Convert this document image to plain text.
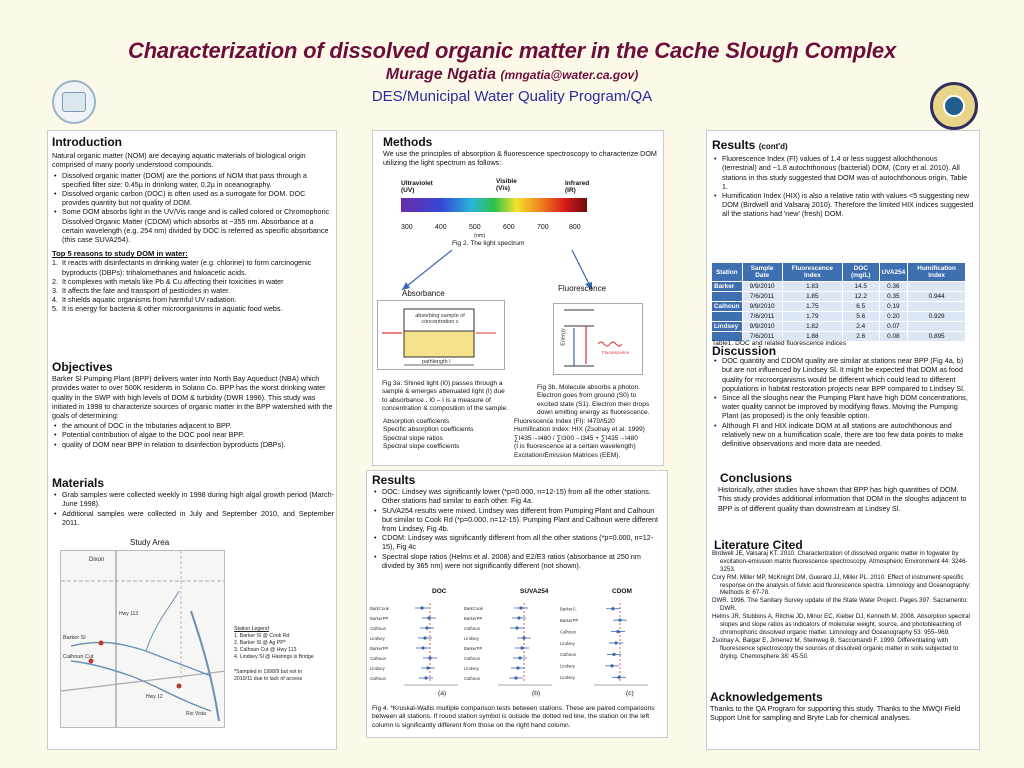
Characterization of dissolved organic matter in the Cache Slough Complex
Murage Ngatia (mngatia@water.ca.gov)
DES/Municipal Water Quality Program/QA
Introduction

Natural organic matter (NOM) are decaying aquatic materials of biological origin comprised of many poorly understood compounds.

• Dissolved organic matter (DOM) are the portions of NOM that pass through a specified filter size: 0.45µ in drinking water, 0.2µ in oceanography.
• Dissolved organic carbon (DOC) is often used as a surrogate for DOM. DOC provides quantity but not quality of DOM.
• Some DOM absorbs light in the UV/Vis range and is called colored or Chromophoric Dissolved Organic Matter (CDOM) which absorbs at ~355 nm. Absorbance at a certain wavelength (e.g. 254 nm) divided by DOC is referred as specific absorbance (this case SUVA254).
Top 5 reasons to study DOM in water:
1. It reacts with disinfectants in drinking water (e.g. chlorine) to form carcinogenic byproducts (DBPs): trihalomethanes and haloacetic acids.
2. It complexes with metals like Pb & Cu affecting their toxicities in water
3. It affects the fate and transport of pesticides in water.
4. It shields aquatic organisms from harmful UV radiation.
5. It is energy for bacteria & other microorganisms in aquatic food webs.
Objectives

Barker Sl Pumping Plant (BPP) delivers water into North Bay Aqueduct (NBA) which provides water to over 500K residents in Solano Co. BPP has the worst drinking water quality in the SWP with high levels of DOM & turbidity (DWR 1996). This study was initiated in 1998 to characterize sources of organic matter in the BPP watershed with the goals of determining:

• the amount of DOC in the tributaries adjacent to BPP.
• Potential contribution of algae to the DOC pool near BPP.
• quality of DOM near BPP in relation to disinfection byproducts (DBPs).
Materials
• Grab samples were collected weekly in 1998 during high algal growth period (March-June 1998).
• Additional samples were collected in July and September 2010, and September 2011.
Study Area
Dixon
Barker Sl
Calhoun Cut
Hwy 113
Hwy 12
Rio Vista
Station Legend
1. Barker Sl @ Cook Rd
2. Barker Sl @ Ag PP*
3. Calhoun Cut @ Hwy 113
4. Lindsey Sl @ Hastings is Bridge
*Sampled in 1998/9 but not in 2010/11 due to lack of access
Methods

We use the principles of absorption & fluorescence spectroscopy to characterize DOM utilizing the light spectrum as follows:

Ultraviolet
(UV)
Visible
(Vis)
Infrared
(IR)
300	400	500	600	700	800
(nm)
Fig 2. The light spectrum
Absorbance
Fluorescence
absorbing sample of concentration c
pathlength l
Energy
Fluorescence
Fig 3a. Shined light (I0) passes through a sample & emerges attenuated light (I) due to absorbance . I0 – I is a measure of concentration & composition of the sample.
Fig 3b. Molecule absorbs a photon. Electron goes from ground (S0) to excited state (S1). Electron then drops down emitting energy as fluorescence.
Absorption coefficients
Specific absorption coefficients
Spectral slope ratios
Spectral slope coefficients
Fluorescence Index (FI): I470/I520
Humification Index: HIX (Zsolnay et al. 1999)
∑I435→I480 / ∑I300→I345 + ∑I435→I480
(I is fluorescence at a certain wavelength)
Excitation/Emission Matrices (EEM).
Results
• DOC: Lindsey was significantly lower (*p=0.000, n=12-15) from all the other stations. Other stations had similar to each other. Fig 4a.
• SUVA254 results were mixed. Lindsey was different from Pumping Plant and Calhoun but similar to Cook Rd (*p=0.000, n=12-15). Pumping Plant and Calhoun were different from Lindsey, Fig 4b.
• CDOM: Lindsey was significantly different from all the other stations (*p=0.000, n=12-15), Fig 4c
• Spectral slope ratios (Helms et al. 2008) and E2/E3 ratios (absorbance at 250 nm divided by 365 nm) were not significantly different (not shown).
DOC	SUVA254	CDOM
BarkCook
BarkerPP
Calhoun
Lindsey
BarkerPP
Calhoun
Lindsey
Calhoun
BarkCook
BarkerPP
Calhoun
Lindsey
BarkerPP
Calhoun
Lindsey
Calhoun
BarkerC.
BarkerPP
Calhoun
Lindsey
Calhoun
Lindsey
Lindsey
(a)	(b)	(c)
Fig 4. *Kruskal-Wallis multiple comparison tests between stations. These are paired comparisons between all stations. If round station symbol is outside the dotted red line, the station on the left column is significantly different from those on the right hand column.
Results (cont'd)
• Fluorescence Index (FI) values of 1.4 or less suggest allochthonous (terrestrial) and ~1.8 autochthonous (bacterial) DOM, (Cory et al. 2010). All stations in this study suggested that DOM was of autochthonous origin, Table 1.
• Humification Index (HIX) is also a relative ratio with values <5 suggesting new DOM (Birdwell and Valsaraj 2010). Therefore the limited HIX indices suggested all the stations had 'new' (fresh) DOM.
Station	Sample Date	Fluorescence Index	DOC (mg/L)	UVA254	Humification Index
Barker	9/9/2010	1.83	14.5	0.36	
	7/6/2011	1.85	12.2	0.35	0.944
Calhoun	9/9/2010	1.75	6.5	0.19	
	7/6/2011	1.79	5.6	0.20	0.929
Lindsey	9/9/2010	1.82	2.4	0.07	
	7/6/2011	1.88	2.6	0.08	0.895
Table1. DOC and related fluorescence indices
Discussion
• DOC quantity and CDOM quality are similar at stations near BPP (Fig 4a, b) but are not influenced by Lindsey Sl. It might be expected that DOM as food quality for microorganisms would be different which could lead to different populations in habitat restoration projects near BPP compared to Lindsey Sl.
• Since all the sloughs near the Pumping Plant have high DOM concentrations, water quality cannot be improved by modifying flows. Moving the Pumping Plant (as proposed) is the only feasible option.
• Although FI and HIX indicate DOM at all stations are autochthonous and relatively new on a humification scale, there are too few data points to make definitive observations and more data are needed.
Conclusions

Historically, other studies have shown that BPP has high quantities of DOM. This study provides additional information that DOM in the sloughs adjacent to BPP is of different quality than downstream at Lindsey Sl.

Literature Cited
Birdwell JE, Valsaraj KT. 2010. Characterization of dissolved organic matter in fogwater by excitation-emission matrix fluorescence spectroscopy. Atmospheric Environment 44: 3246-3253.
Cory RM, Miller MP, McKnight DM, Guerard JJ, Miller PL. 2010. Effect of instrument-specific response on the analysis of fulvic acid fluorescence spectra. Limnology and Oceanography: Methods 8: 67-78.
DWR. 1996. The Sanitary Survey update of the State Water Project. Pages 397. Sacramento: DWR.
Helms JR, Stubbins A, Ritchie JD, Minor EC, Kieber DJ, Kenneth M. 2008. Absorption spectral slopes and slope ratios as indicators of molecular weight, source, and photobleaching of chromophoric dissolved organic matter. Limnology and Oceanography 53: 955–969.
Zsolnay A, Baigar E, Jimenez M, Steinweg B, Saccomandi F. 1999. Differentiating with fluorescence spectroscopy the sources of dissolved organic matter in soils subjected to drying. Chemosphere 38: 45-50.
Acknowledgements

Thanks to the QA Program for supporting this study. Thanks to the MWQI Field Support Unit for sampling and Bryte Lab for chemical analyses.
